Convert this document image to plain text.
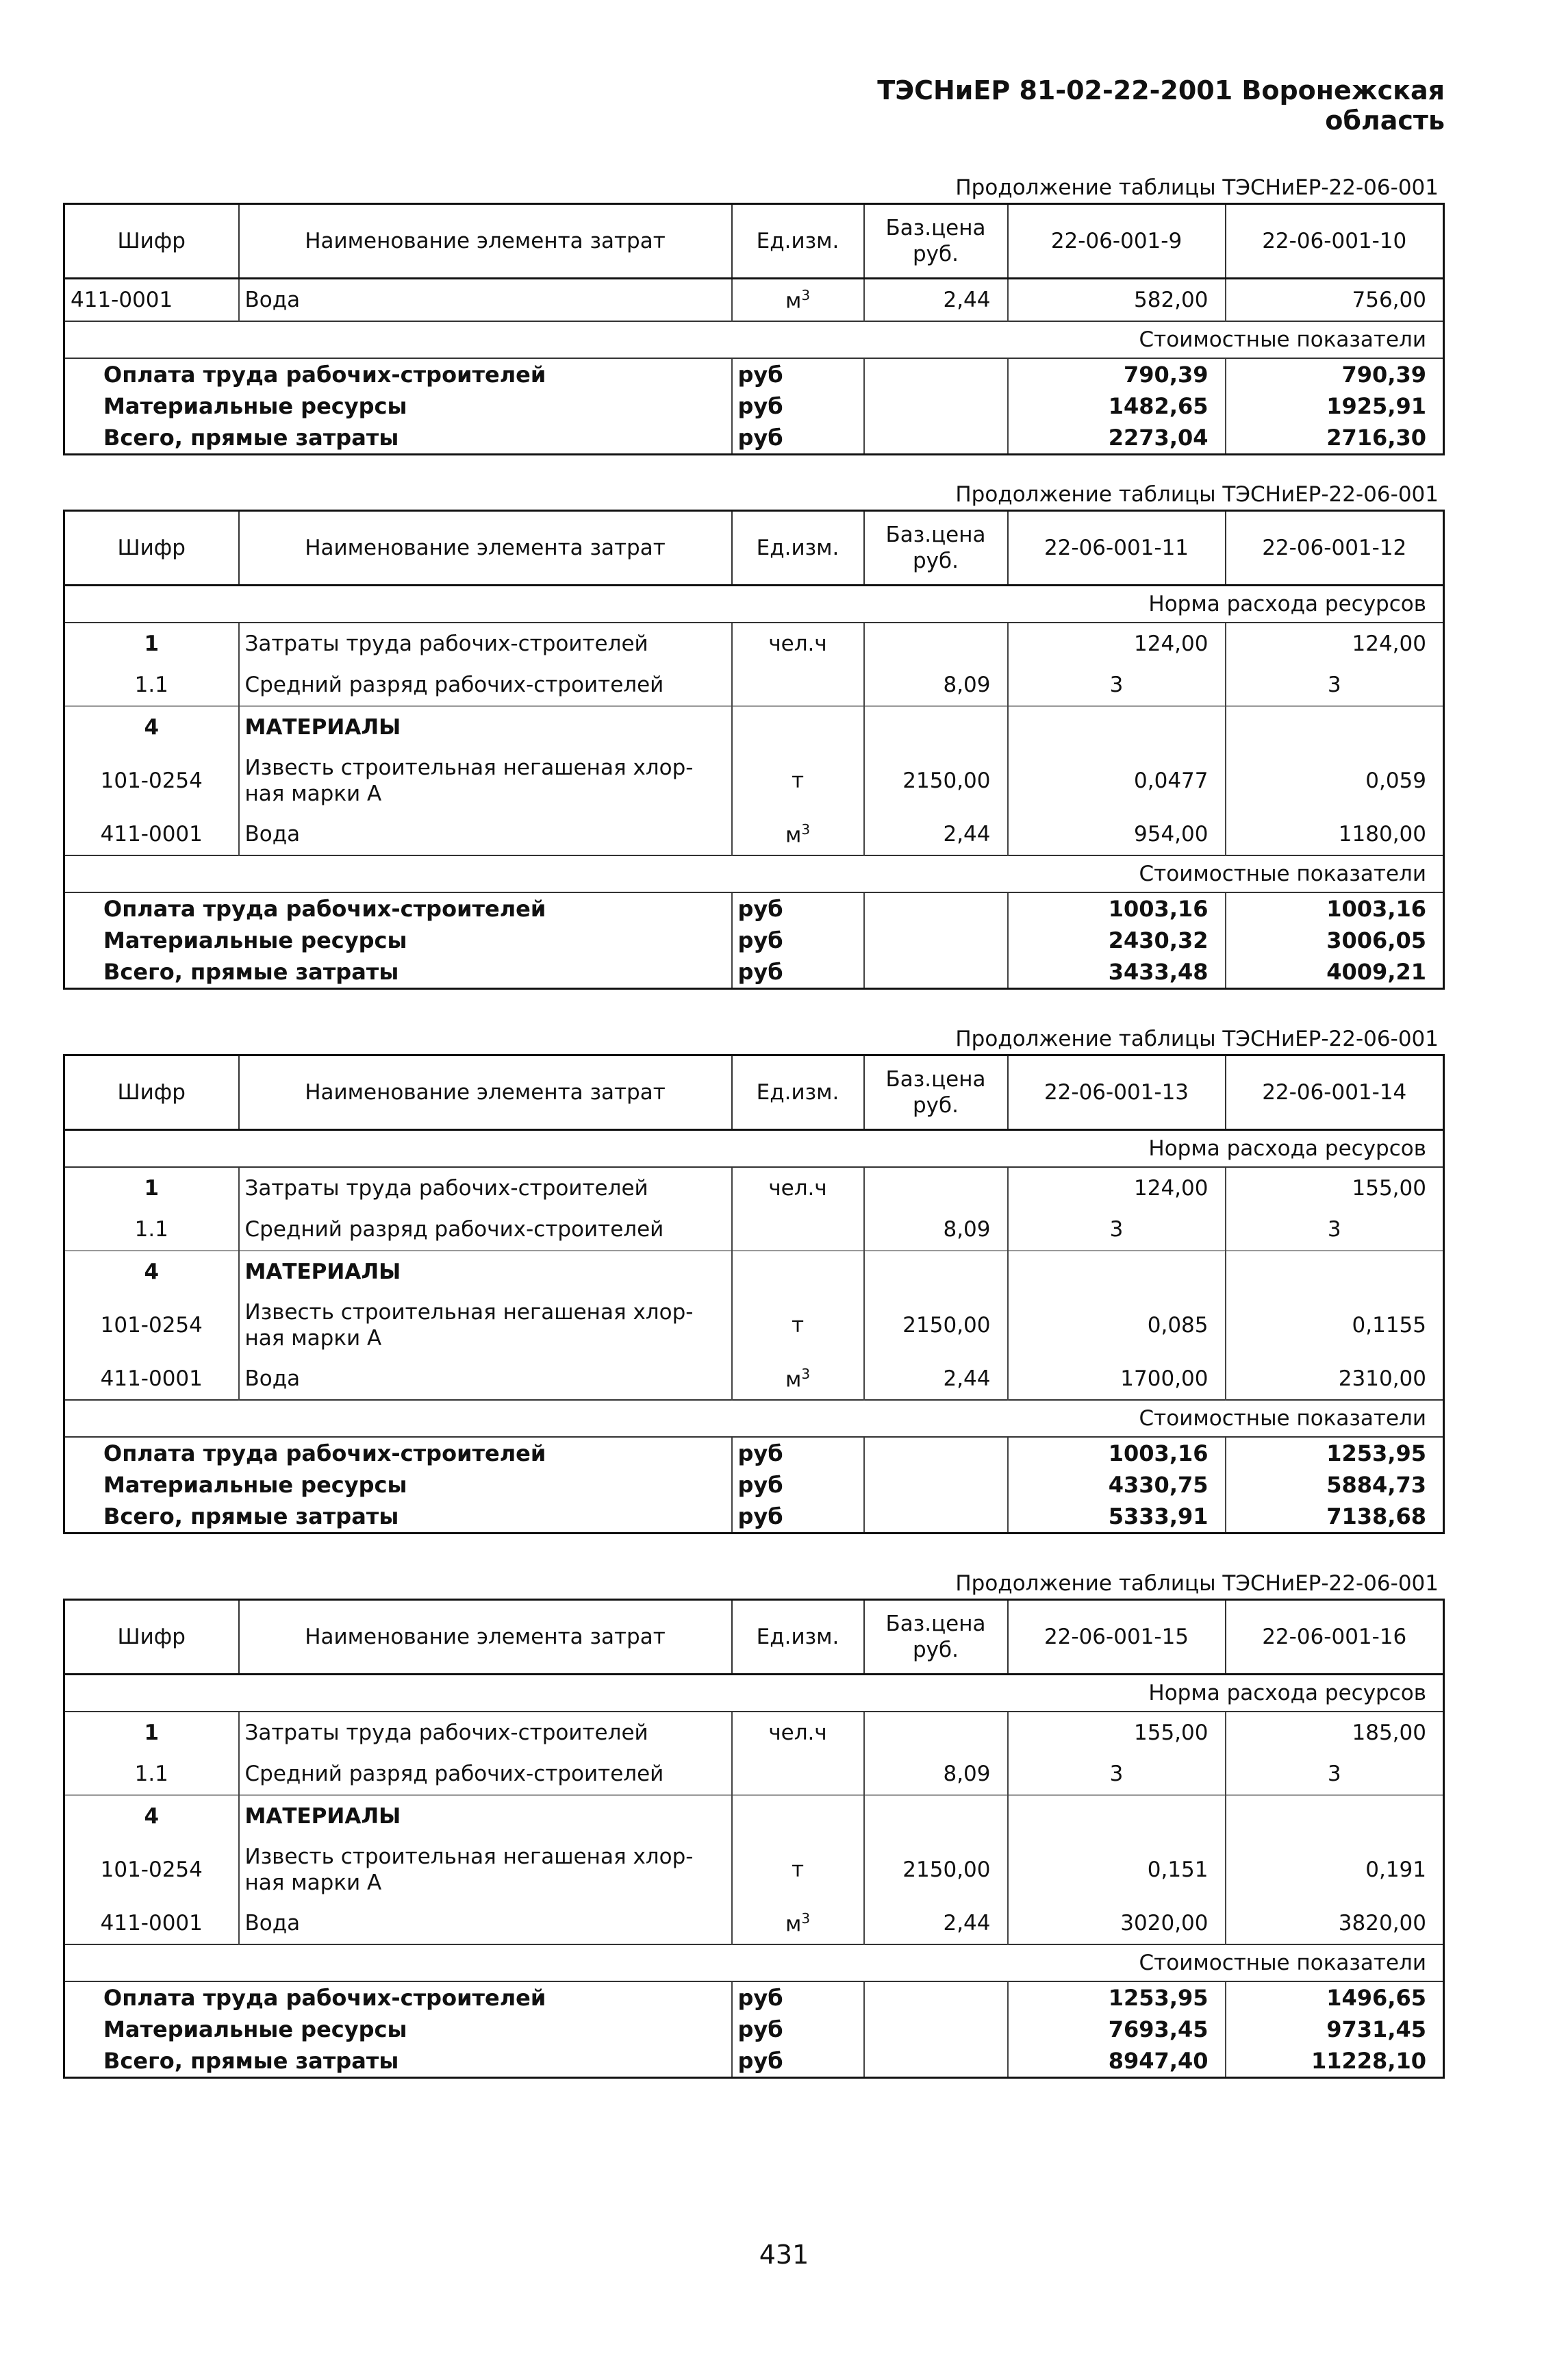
ТЭСНиЕР 81-02-22-2001 Воронежская область
Продолжение таблицы ТЭСНиЕР-22-06-001
Шифр	Наименование элемента затрат	Ед.изм.	Баз.цена руб.	22-06-001-9	22-06-001-10
411-0001	Вода	$м^3$	2,44	582,00	756,00
Стоимостные показатели					
Оплата труда рабочих-строителей		руб		790,39	790,39
Материальные ресурсы		руб		1482,65	1925,91
Всего, прямые затраты		руб		2273,04	2716,30
Продолжение таблицы ТЭСНиЕР-22-06-001
Шифр	Наименование элемента затрат	Ед.изм.	Баз.цена руб.	22-06-001-11	22-06-001-12
Норма расхода ресурсов					
1	Затраты труда рабочих-строителей	чел.ч		124,00	124,00
1.1	Средний разряд рабочих-строителей		8,09	3	3
4	МАТЕРИАЛЫ				
101-0254	Известь строительная негашеная хлор-ная марки А	т	2150,00	0,0477	0,059
411-0001	Вода	$м^3$	2,44	954,00	1180,00
Стоимостные показатели					
Оплата труда рабочих-строителей		руб		1003,16	1003,16
Материальные ресурсы		руб		2430,32	3006,05
Всего, прямые затраты		руб		3433,48	4009,21
Продолжение таблицы ТЭСНиЕР-22-06-001
Шифр	Наименование элемента затрат	Ед.изм.	Баз.цена руб.	22-06-001-13	22-06-001-14
Норма расхода ресурсов					
1	Затраты труда рабочих-строителей	чел.ч		124,00	155,00
1.1	Средний разряд рабочих-строителей		8,09	3	3
4	МАТЕРИАЛЫ				
101-0254	Известь строительная негашеная хлор-ная марки А	т	2150,00	0,085	0,1155
411-0001	Вода	$м^3$	2,44	1700,00	2310,00
Стоимостные показатели					
Оплата труда рабочих-строителей		руб		1003,16	1253,95
Материальные ресурсы		руб		4330,75	5884,73
Всего, прямые затраты		руб		5333,91	7138,68
Продолжение таблицы ТЭСНиЕР-22-06-001
Шифр	Наименование элемента затрат	Ед.изм.	Баз.цена руб.	22-06-001-15	22-06-001-16
Норма расхода ресурсов					
1	Затраты труда рабочих-строителей	чел.ч		155,00	185,00
1.1	Средний разряд рабочих-строителей		8,09	3	3
4	МАТЕРИАЛЫ				
101-0254	Известь строительная негашеная хлор-ная марки А	т	2150,00	0,151	0,191
411-0001	Вода	$м^3$	2,44	3020,00	3820,00
Стоимостные показатели					
Оплата труда рабочих-строителей		руб		1253,95	1496,65
Материальные ресурсы		руб		7693,45	9731,45
Всего, прямые затраты		руб		8947,40	11228,10
431
